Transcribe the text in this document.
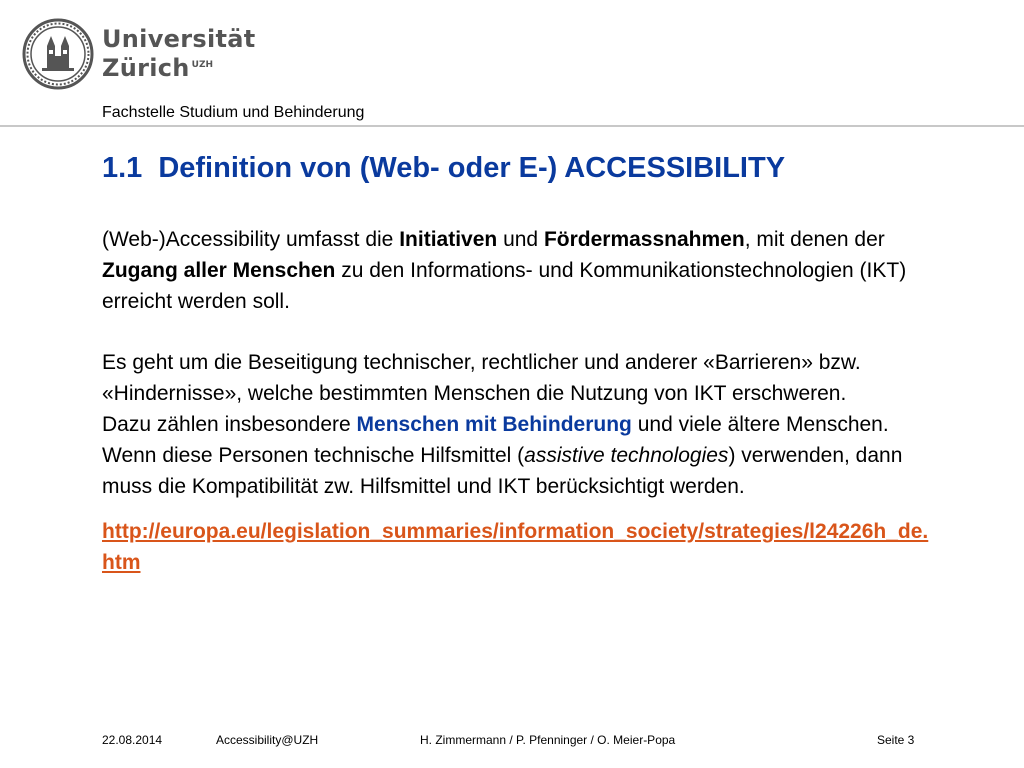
Universität
Zürich $^{UZH}$
Fachstelle Studium und Behinderung
1.1 Definition von (Web- oder E-) ACCESSIBILITY

(Web-)Accessibility umfasst die Initiativen und Fördermassnahmen, mit denen der Zugang aller Menschen zu den Informations- und Kommunikationstechnologien (IKT) erreicht werden soll.

Es geht um die Beseitigung technischer, rechtlicher und anderer «Barrieren» bzw. «Hindernisse», welche bestimmten Menschen die Nutzung von IKT erschweren.

Dazu zählen insbesondere Menschen mit Behinderung und viele ältere Menschen.

Wenn diese Personen technische Hilfsmittel (assistive technologies) verwenden, dann muss die Kompatibilität zw. Hilfsmittel und IKT berücksichtigt werden.

http://europa.eu/legislation_summaries/information_society/strategies/l24226h_de.htm
22.08.2014	Accessibility@UZH	H. Zimmermann / P. Pfenninger / O. Meier-Popa	Seite 3
